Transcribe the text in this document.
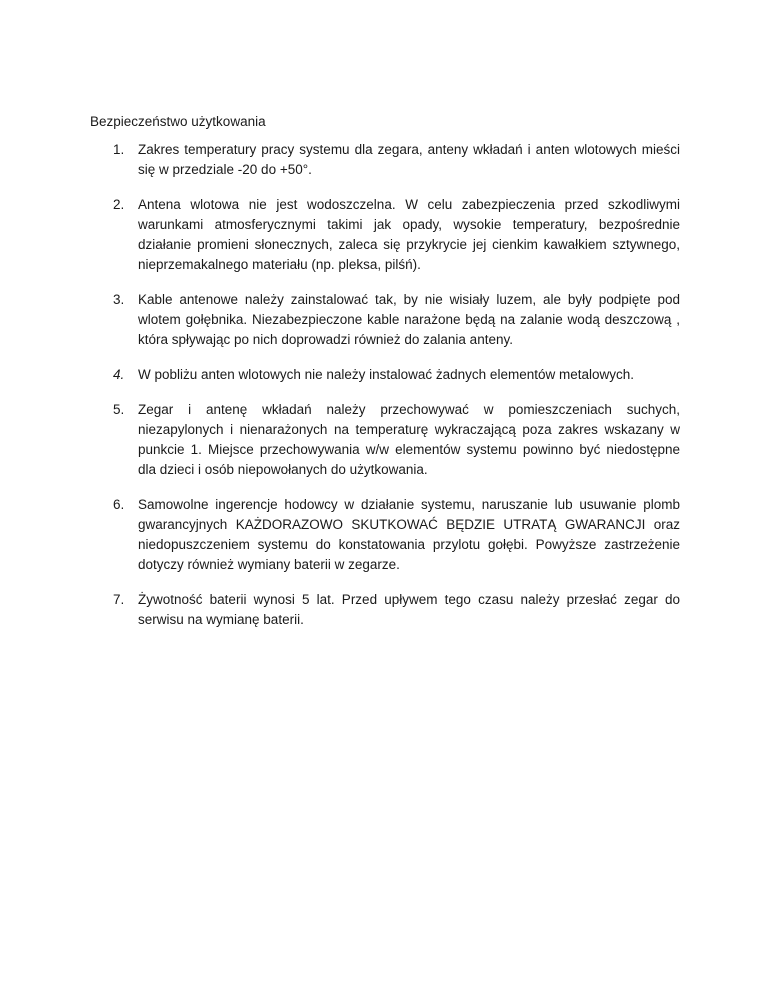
Bezpieczeństwo użytkowania
1. Zakres temperatury pracy systemu dla zegara, anteny wkładań i anten wlotowych mieści się w przedziale -20 do +50°.
2. Antena wlotowa nie jest wodoszczelna. W celu zabezpieczenia przed szkodliwymi warunkami atmosferycznymi takimi jak opady, wysokie temperatury, bezpośrednie działanie promieni słonecznych, zaleca się przykrycie jej cienkim kawałkiem sztywnego, nieprzemakalnego materiału (np. pleksa, pilśń).
3. Kable antenowe należy zainstalować tak, by nie wisiały luzem, ale były podpięte pod wlotem gołębnika. Niezabezpieczone kable narażone będą na zalanie wodą deszczową , która spływając po nich doprowadzi również do zalania anteny.
4. W pobliżu anten wlotowych nie należy instalować żadnych elementów metalowych.
5. Zegar i antenę wkładań należy przechowywać w pomieszczeniach suchych, niezapylonych i nienarażonych na temperaturę wykraczającą poza zakres wskazany w punkcie 1. Miejsce przechowywania w/w elementów systemu powinno być niedostępne dla dzieci i osób niepowołanych do użytkowania.
6. Samowolne ingerencje hodowcy w działanie systemu, naruszanie lub usuwanie plomb gwarancyjnych KAŻDORAZOWO SKUTKOWAĆ BĘDZIE UTRATĄ GWARANCJI oraz niedopuszczeniem systemu do konstatowania przylotu gołębi. Powyższe zastrzeżenie dotyczy również wymiany baterii w zegarze.
7. Żywotność baterii wynosi 5 lat. Przed upływem tego czasu należy przesłać zegar do serwisu na wymianę baterii.
